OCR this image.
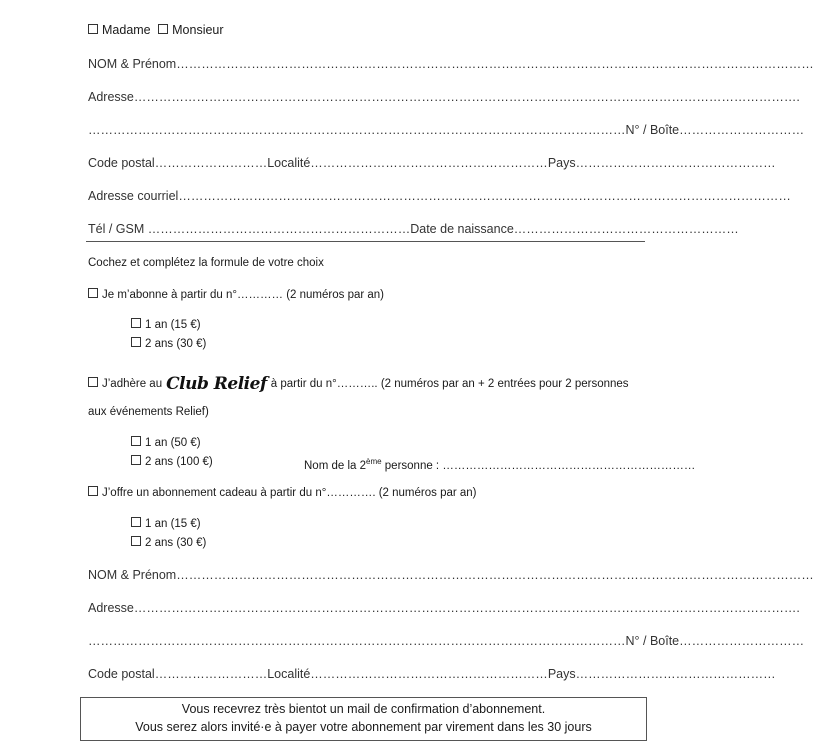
Madame Monsieur
NOM & Prénom………………………………………………………………………………………………………………………………………
Adresse…………………………………………………………………………………………………………………………………………….
…………………………………………………………………………………………………………………N° / Boîte…………………………
Code postal………………………Localité…………………………………………………Pays…………………………………………
Adresse courriel…………………………………………………………………………………………………………………………………
Tél / GSM ………………………………………………………Date de naissance………………………………………………
Cochez et complétez la formule de votre choix
Je m’abonne à partir du n°………… (2 numéros par an)
1 an (15 €)
2 ans (30 €)
J’adhère au Club Relief à partir du n°……….. (2 numéros par an + 2 entrées pour 2 personnes
aux événements Relief)
1 an (50 €)
2 ans (100 €)	Nom de la 2ème personne : …………………………………………………………
J’offre un abonnement cadeau à partir du n°…………. (2 numéros par an)
1 an (15 €)
2 ans (30 €)
NOM & Prénom………………………………………………………………………………………………………………………………………
Adresse…………………………………………………………………………………………………………………………………………….
…………………………………………………………………………………………………………………N° / Boîte…………………………
Code postal………………………Localité…………………………………………………Pays…………………………………………
Vous recevrez très bientot un mail de confirmation d’abonnement.
Vous serez alors invité·e à payer votre abonnement par virement dans les 30 jours
